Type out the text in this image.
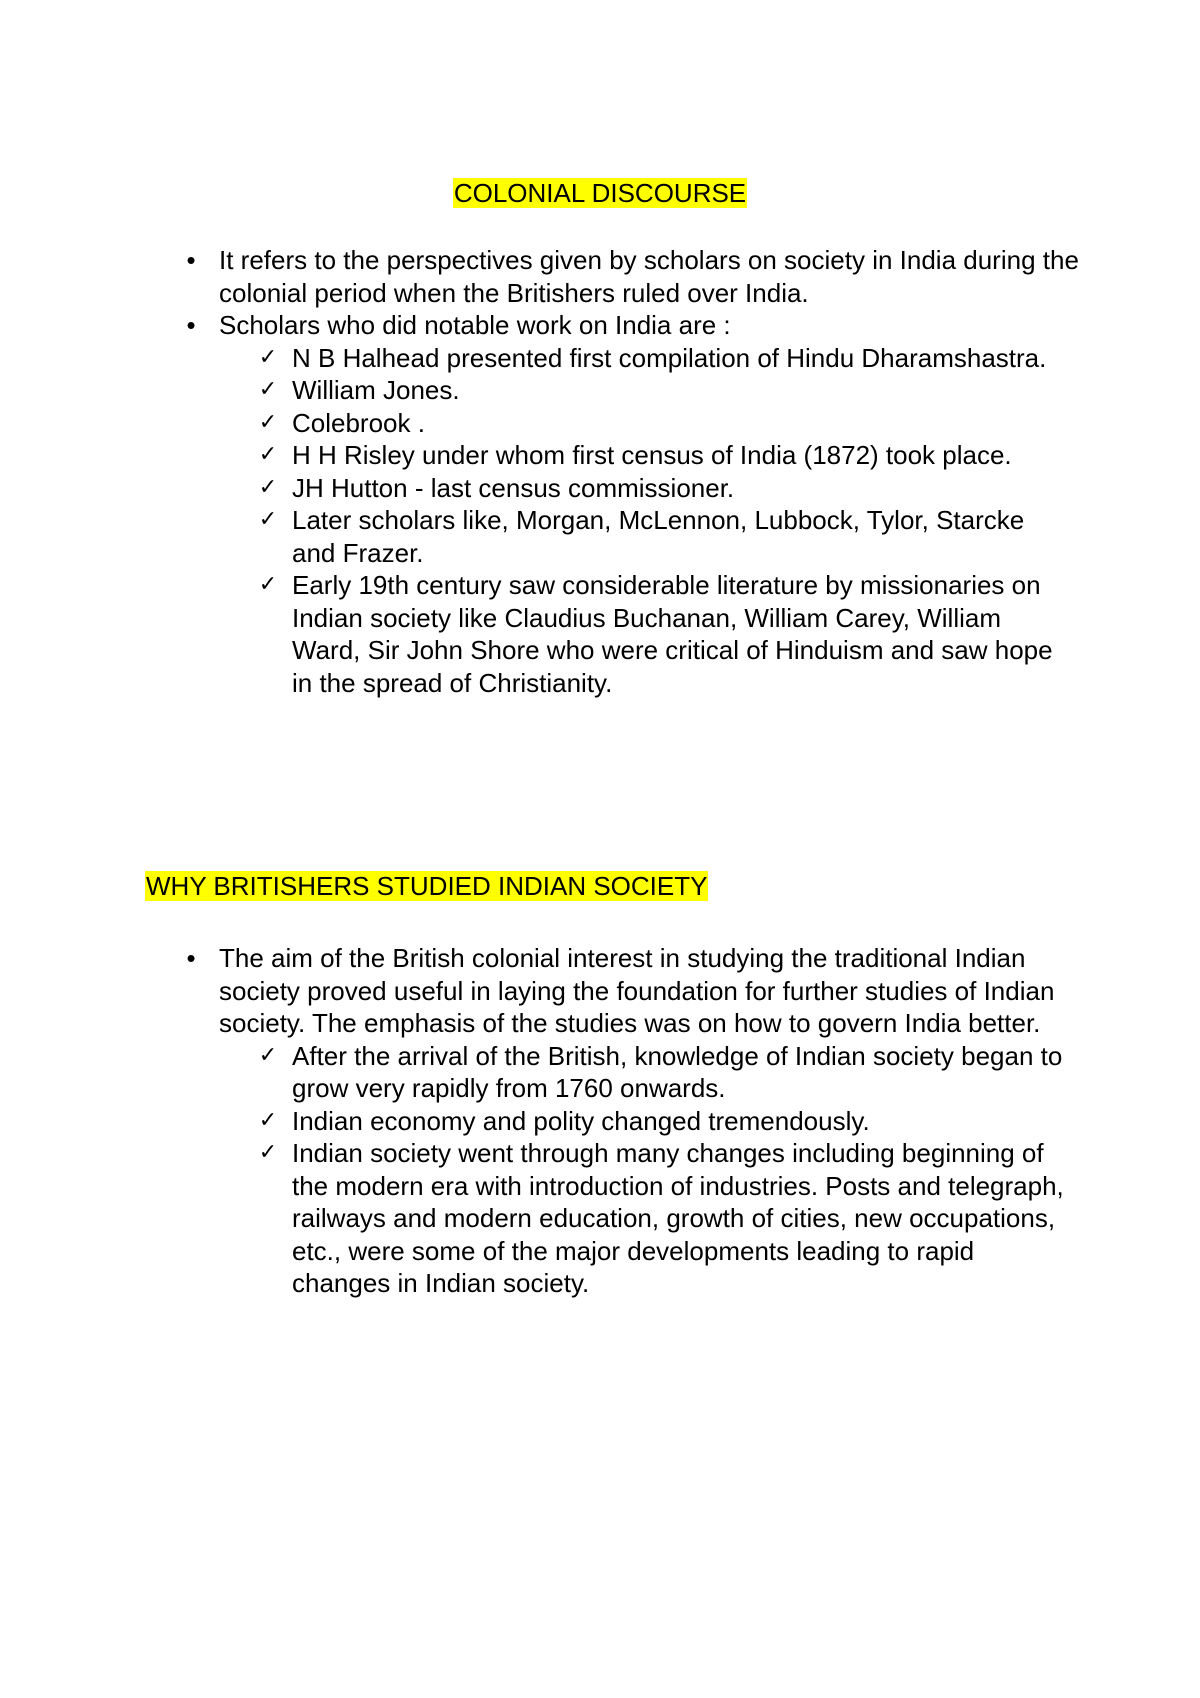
COLONIAL DISCOURSE
• It refers to the perspectives given by scholars on society in India during the colonial period when the Britishers ruled over India.
• Scholars who did notable work on India are :
✓ N B Halhead presented first compilation of Hindu Dharamshastra.
✓ William Jones.
✓ Colebrook .
✓ H H Risley under whom first census of India (1872) took place.
✓ JH Hutton - last census commissioner.
✓ Later scholars like, Morgan, McLennon, Lubbock, Tylor, Starcke and Frazer.
✓ Early 19th century saw considerable literature by missionaries on Indian society like Claudius Buchanan, William Carey, William Ward, Sir John Shore who were critical of Hinduism and saw hope in the spread of Christianity.
WHY BRITISHERS STUDIED INDIAN SOCIETY
• The aim of the British colonial interest in studying the traditional Indian society proved useful in laying the foundation for further studies of Indian society. The emphasis of the studies was on how to govern India better.
✓ After the arrival of the British, knowledge of Indian society began to grow very rapidly from 1760 onwards.
✓ Indian economy and polity changed tremendously.
✓ Indian society went through many changes including beginning of the modern era with introduction of industries. Posts and telegraph, railways and modern education, growth of cities, new occupations, etc., were some of the major developments leading to rapid changes in Indian society.
